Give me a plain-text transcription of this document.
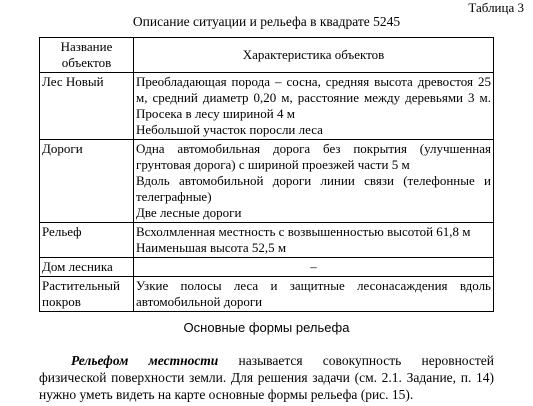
Таблица 3
Описание ситуации и рельефа в квадрате 5245
Название объектов	Характеристика объектов
Лес Новый	Преобладающая порода – сосна, средняя высота древостоя 25 м, средний диаметр 0,20 м, расстояние между деревьями 3 м. Просека в лесу шириной 4 м
Небольшой участок поросли леса

Дороги	Одна автомобильная дорога без покрытия (улучшенная грунтовая дорога) с шириной проезжей части 5 м
Вдоль автомобильной дороги линии связи (телефонные и телеграфные)
Две лесные дороги

Рельеф	Всхолмленная местность с возвышенностью высотой 61,8 м
Наименьшая высота 52,5 м

Дом лесника	–

Растительный покров	Узкие полосы леса и защитные лесонасаждения вдоль автомобильной дороги
Основные формы рельефа
Рельефом местности называется совокупность неровностей физической поверхности земли. Для решения задачи (см. 2.1. Задание, п. 14) нужно уметь видеть на карте основные формы рельефа (рис. 15).
